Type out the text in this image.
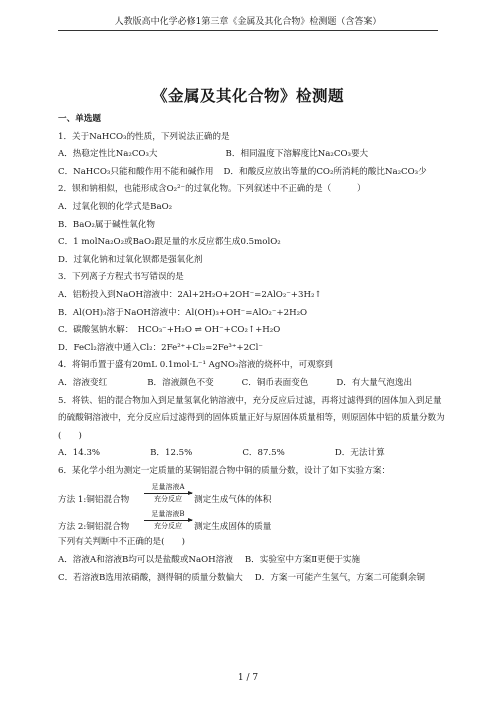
人教版高中化学必修1第三章《金属及其化合物》检测题（含答案）
《金属及其化合物》检测题
一、单选题
1．关于NaHCO₃的性质，下列说法正确的是
A．热稳定性比Na₂CO₃大	B．相同温度下溶解度比Na₂CO₃要大
C．NaHCO₃只能和酸作用不能和碱作用 D．和酸反应放出等量的CO₂所消耗的酸比Na₂CO₃少
2．钡和钠相似，也能形成含O₂²⁻的过氧化物。下列叙述中不正确的是（　　　）
A．过氧化钡的化学式是BaO₂
B．BaO₂属于碱性氧化物
C．1 molNa₂O₂或BaO₂跟足量的水反应都生成0.5molO₂
D．过氧化钠和过氧化钡都是强氧化剂
3．下列离子方程式书写错误的是
A．铝粉投入到NaOH溶液中：2Al+2H₂O+2OH⁻=2AlO₂⁻+3H₂↑
B．Al(OH)₃溶于NaOH溶液中：Al(OH)₃+OH⁻=AlO₂⁻+2H₂O
C．碳酸氢钠水解：　HCO₃⁻+H₂O ⇌ OH⁻+CO₂↑+H₂O
D．FeCl₂溶液中通入Cl₂：2Fe²⁺+Cl₂=2Fe³⁺+2Cl⁻
4．将铜币置于盛有20mL 0.1mol·L⁻¹ AgNO₃溶液的烧杯中，可观察到
A．溶液变红	B．溶液颜色不变	C．铜币表面变色	D．有大量气泡逸出
5．将铁、铝的混合物加入到足量氢氧化钠溶液中，充分反应后过滤，再将过滤得到的固体加入到足量的硫酸铜溶液中，充分反应后过滤得到的固体质量正好与原固体质量相等，则原固体中铝的质量分数为(　　)
A．14.3%	B．12.5%	C．87.5%	D．无法计算
6．某化学小组为测定一定质量的某铜铝混合物中铜的质量分数，设计了如下实验方案：
方法 1:铜铝混合物
足量溶液A
充分反应	测定生成气体的体积
方法 2:铜铝混合物
足量溶液B
充分反应	测定生成固体的质量
下列有关判断中不正确的是(　　)
A．溶液A和溶液B均可以是盐酸或NaOH溶液 B．实验室中方案Ⅱ更便于实施
C．若溶液B选用浓硝酸，测得铜的质量分数偏大 D．方案一可能产生氢气，方案二可能剩余铜
1 / 7
